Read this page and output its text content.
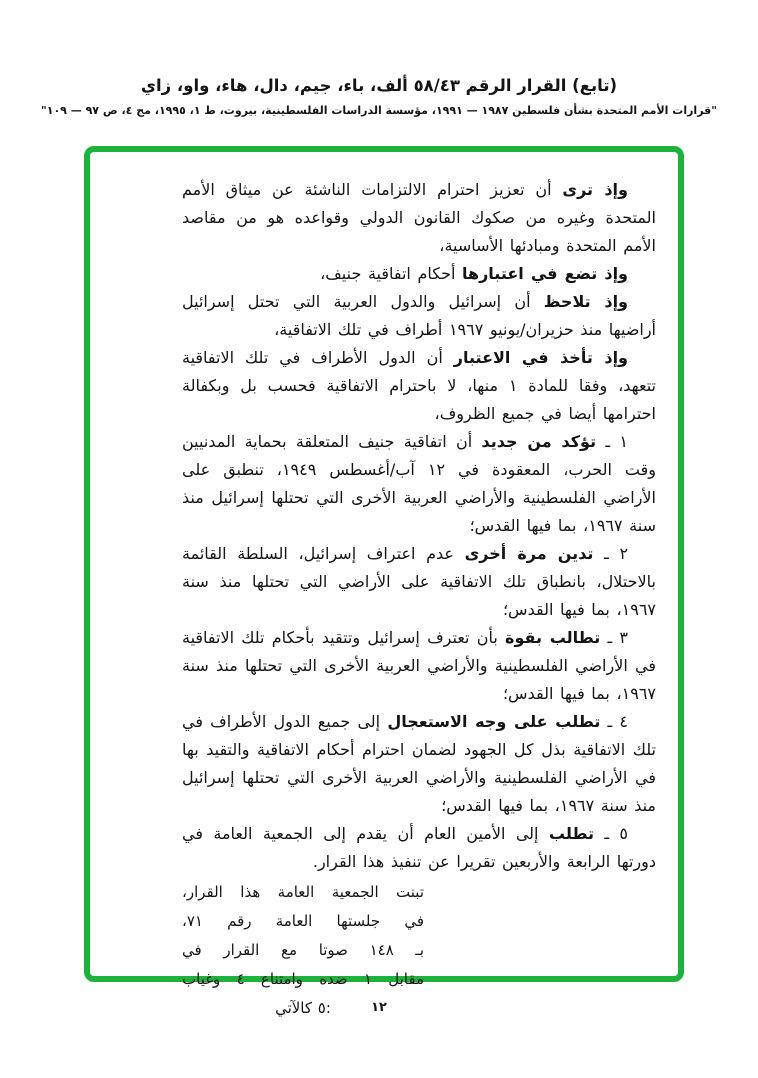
(تابع) القرار الرقم ٥٨/٤٣ ألف، باء، جيم، دال، هاء، واو، زاي
"قرارات الأمم المتحدة بشأن فلسطين ١٩٨٧ — ١٩٩١، مؤسسة الدراسات الفلسطينية، بيروت، ط ١، ١٩٩٥، مج ٤، ص ٩٧ — ١٠٩"

وإذ ترى أن تعزيز احترام الالتزامات الناشئة عن ميثاق الأمم المتحدة وغيره من صكوك القانون الدولي وقواعده هو من مقاصد الأمم المتحدة ومبادئها الأساسية،

وإذ تضع في اعتبارها أحكام اتفاقية جنيف،

وإذ تلاحظ أن إسرائيل والدول العربية التي تحتل إسرائيل أراضيها منذ حزيران/يونيو ١٩٦٧ أطراف في تلك الاتفاقية،

وإذ تأخذ في الاعتبار أن الدول الأطراف في تلك الاتفاقية تتعهد، وفقا للمادة ١ منها، لا باحترام الاتفاقية فحسب بل وبكفالة احترامها أيضا في جميع الظروف،

١ ـ تؤكد من جديد أن اتفاقية جنيف المتعلقة بحماية المدنيين وقت الحرب، المعقودة في ١٢ آب/أغسطس ١٩٤٩، تنطبق على الأراضي الفلسطينية والأراضي العربية الأخرى التي تحتلها إسرائيل منذ سنة ١٩٦٧، بما فيها القدس؛

٢ ـ تدين مرة أخرى عدم اعتراف إسرائيل، السلطة القائمة بالاحتلال، بانطباق تلك الاتفاقية على الأراضي التي تحتلها منذ سنة ١٩٦٧، بما فيها القدس؛

٣ ـ تطالب بقوة بأن تعترف إسرائيل وتتقيد بأحكام تلك الاتفاقية في الأراضي الفلسطينية والأراضي العربية الأخرى التي تحتلها منذ سنة ١٩٦٧، بما فيها القدس؛

٤ ـ تطلب على وجه الاستعجال إلى جميع الدول الأطراف في تلك الاتفاقية بذل كل الجهود لضمان احترام أحكام الاتفاقية والتقيد بها في الأراضي الفلسطينية والأراضي العربية الأخرى التي تحتلها إسرائيل منذ سنة ١٩٦٧، بما فيها القدس؛

٥ ـ تطلب إلى الأمين العام أن يقدم إلى الجمعية العامة في دورتها الرابعة والأربعين تقريرا عن تنفيذ هذا القرار.

تبنت الجمعية العامة هذا القرار،
في جلستها العامة رقم ٧١،
بـ ١٤٨ صوتا مع القرار في
مقابل ١ ضده وامتناع ٤ وغياب
٥ كالآتي:	١٢
